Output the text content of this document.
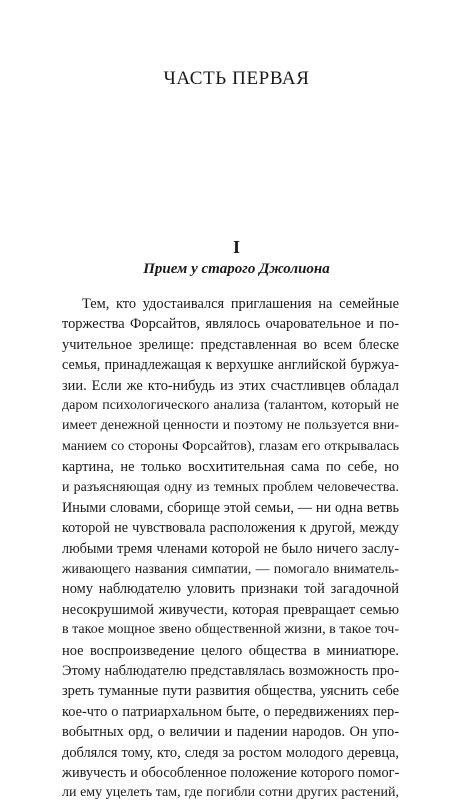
ЧАСТЬ ПЕРВАЯ
I
Прием у старого Джолиона
Тем, кто удостаивался приглашения на семейные
торжества Форсайтов, являлось очаровательное и по-
учительное зрелище: представленная во всем блеске
семья, принадлежащая к верхушке английской буржуа-
зии. Если же кто-нибудь из этих счастливцев обладал
даром психологического анализа (талантом, который не
имеет денежной ценности и поэтому не пользуется вни-
манием со стороны Форсайтов), глазам его открывалась
картина, не только восхитительная сама по себе, но
и разъясняющая одну из темных проблем человечества.
Иными словами, сборище этой семьи, — ни одна ветвь
которой не чувствовала расположения к другой, между
любыми тремя членами которой не было ничего заслу-
живающего названия симпатии, — помогало вниматель-
ному наблюдателю уловить признаки той загадочной
несокрушимой живучести, которая превращает семью
в такое мощное звено общественной жизни, в такое точ-
ное воспроизведение целого общества в миниатюре.
Этому наблюдателю представлялась возможность про-
зреть туманные пути развития общества, уяснить себе
кое-что о патриархальном быте, о передвижениях пер-
вобытных орд, о величии и падении народов. Он упо-
доблялся тому, кто, следя за ростом молодого деревца,
живучесть и обособленное положение которого помог-
ли ему уцелеть там, где погибли сотни других растений,
